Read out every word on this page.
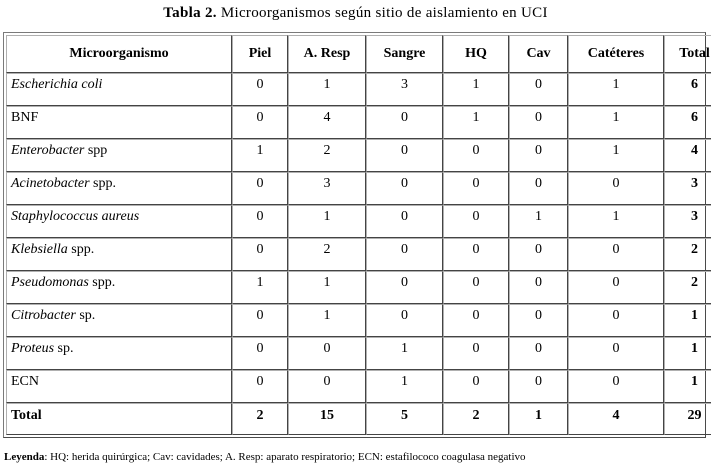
Tabla 2. Microorganismos según sitio de aislamiento en UCI
Microorganismo	Piel	A. Resp	Sangre	HQ	Cav	Catéteres	Total
Escherichia coli	0	1	3	1	0	1	6
BNF	0	4	0	1	0	1	6
Enterobacter spp	1	2	0	0	0	1	4
Acinetobacter spp.	0	3	0	0	0	0	3
Staphylococcus aureus	0	1	0	0	1	1	3
Klebsiella spp.	0	2	0	0	0	0	2
Pseudomonas spp.	1	1	0	0	0	0	2
Citrobacter sp.	0	1	0	0	0	0	1
Proteus sp.	0	0	1	0	0	0	1
ECN	0	0	1	0	0	0	1
Total	2	15	5	2	1	4	29
Leyenda: HQ: herida quirúrgica; Cav: cavidades; A. Resp: aparato respiratorio; ECN: estafilococo coagulasa negativo
